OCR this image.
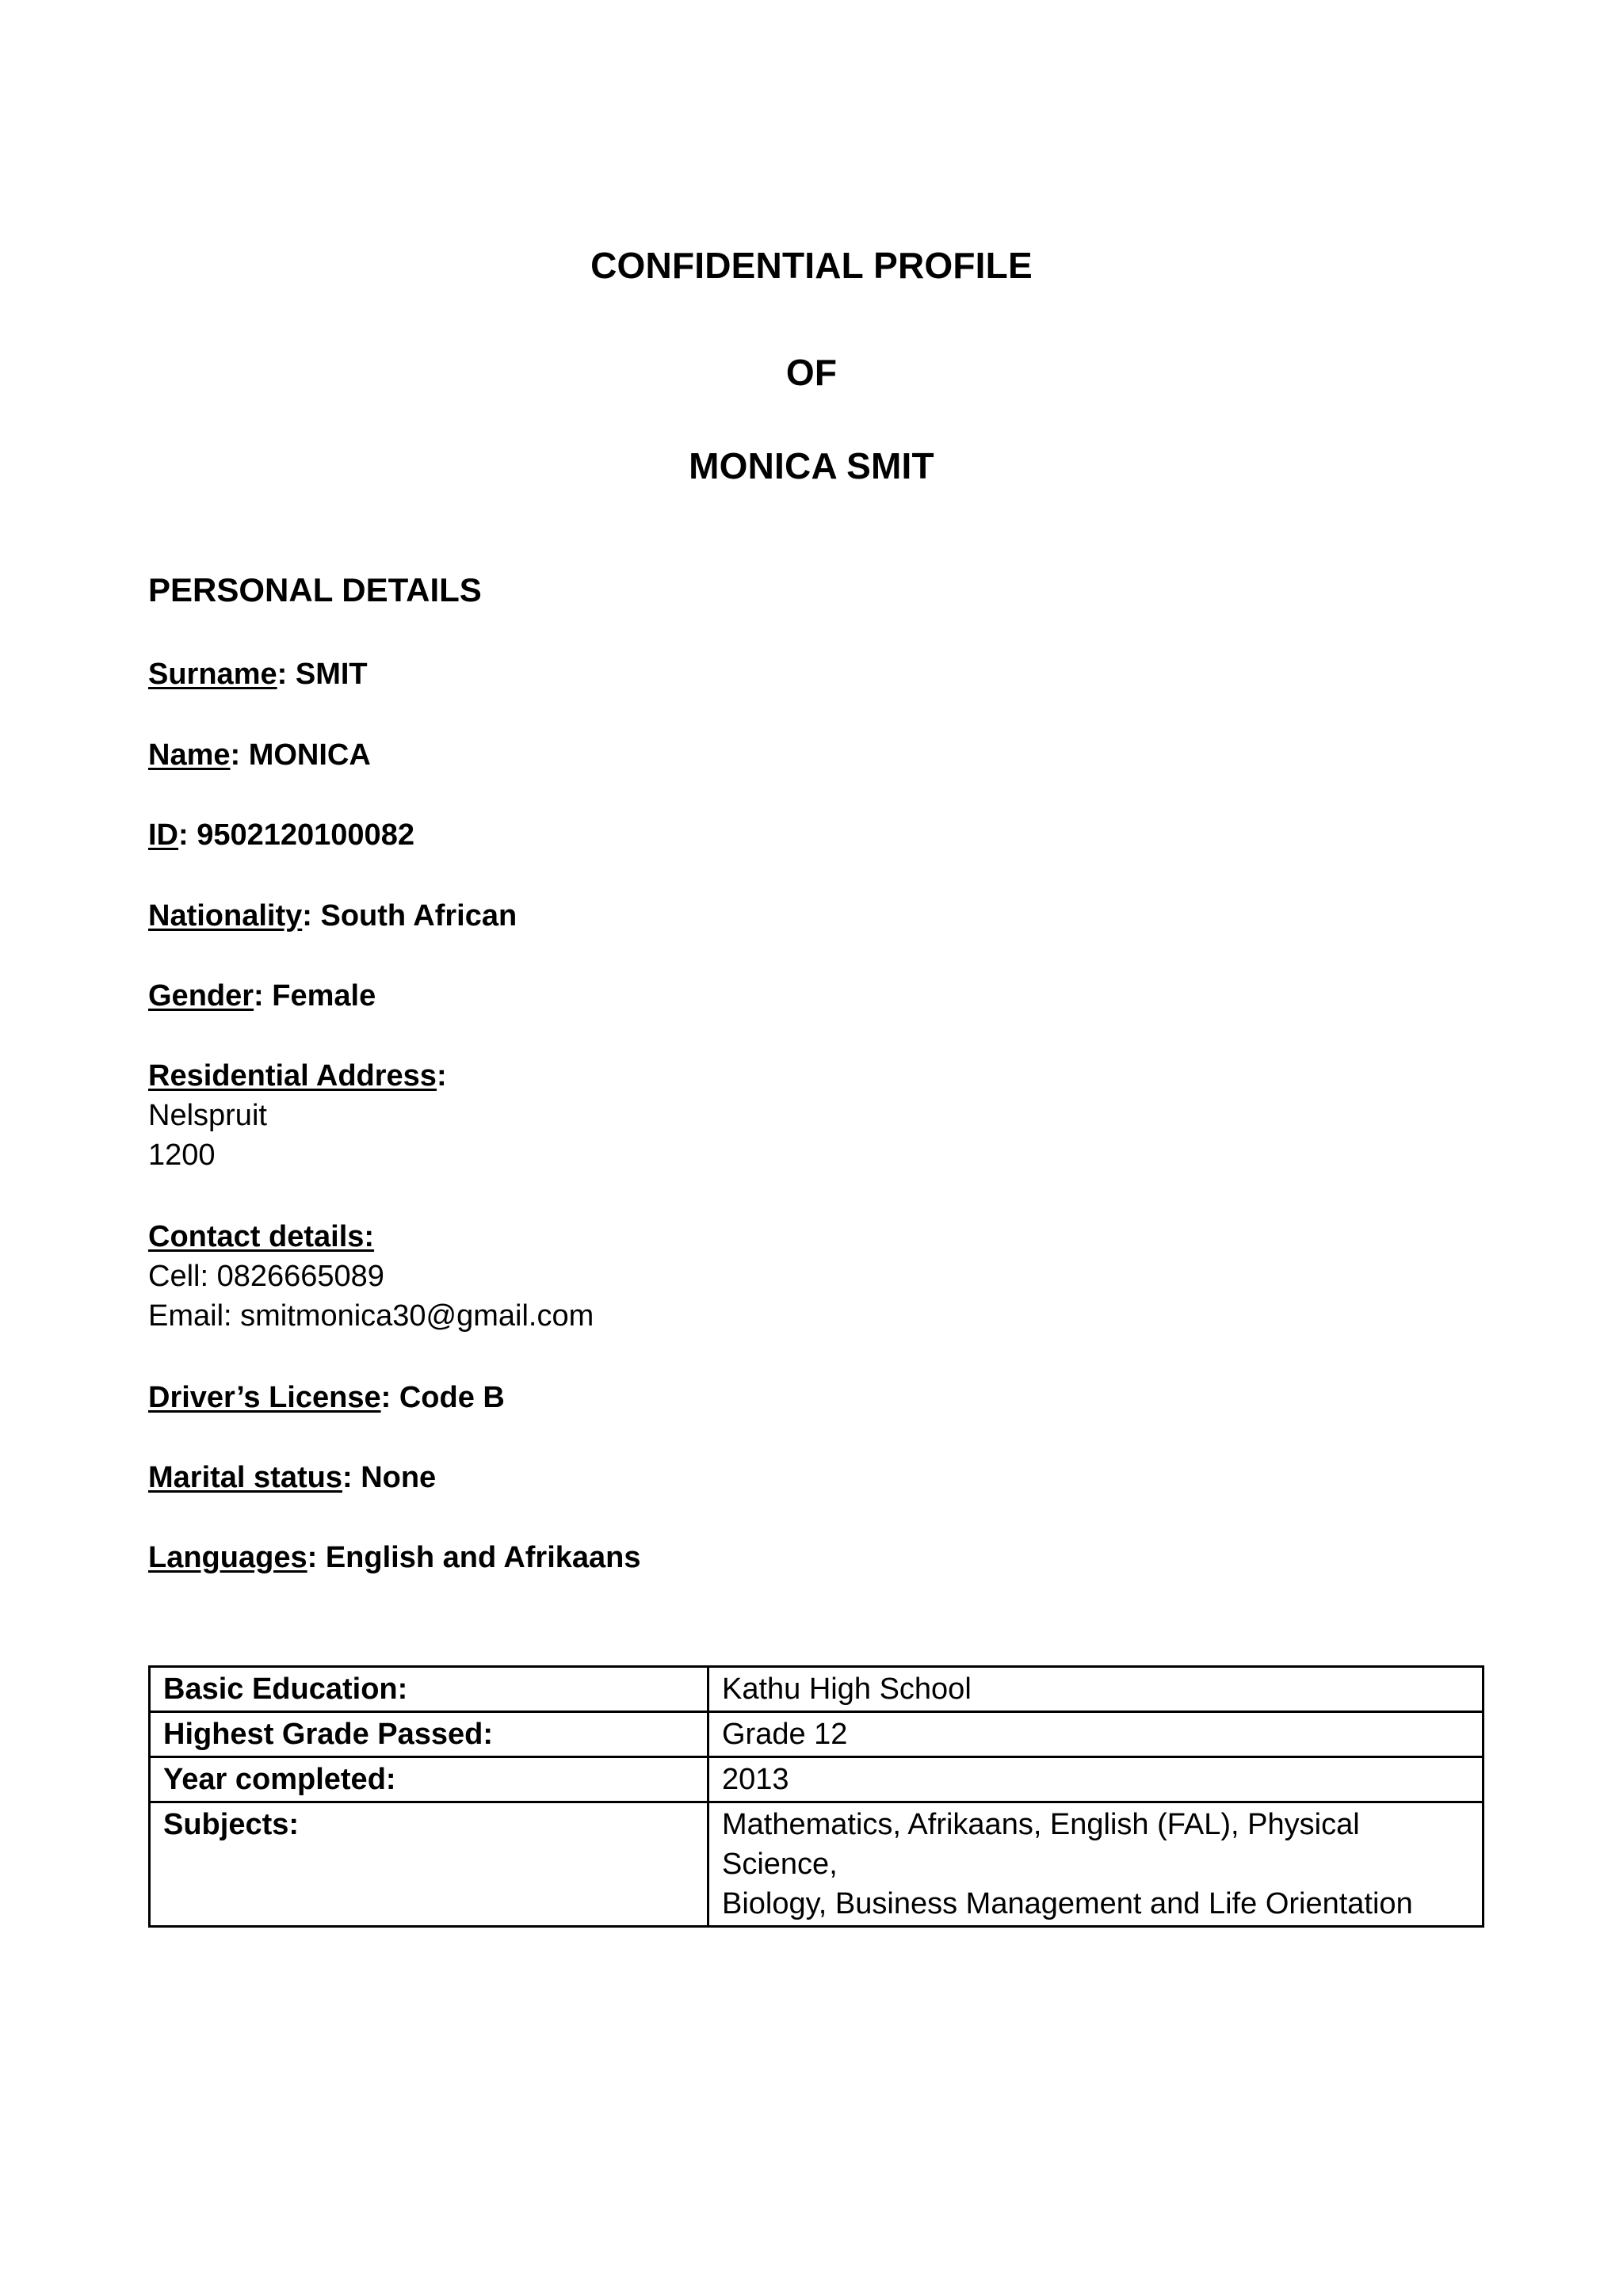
CONFIDENTIAL PROFILE
OF
MONICA SMIT
PERSONAL DETAILS
Surname: SMIT
Name: MONICA
ID: 9502120100082
Nationality: South African
Gender: Female
Residential Address:
Nelspruit
1200
Contact details:
Cell: 0826665089
Email: smitmonica30@gmail.com
Driver’s License: Code B
Marital status: None
Languages: English and Afrikaans
Basic Education:	Kathu High School
Highest Grade Passed:	Grade 12
Year completed:	2013
Subjects:	Mathematics, Afrikaans, English (FAL), Physical Science,
Biology, Business Management and Life Orientation
